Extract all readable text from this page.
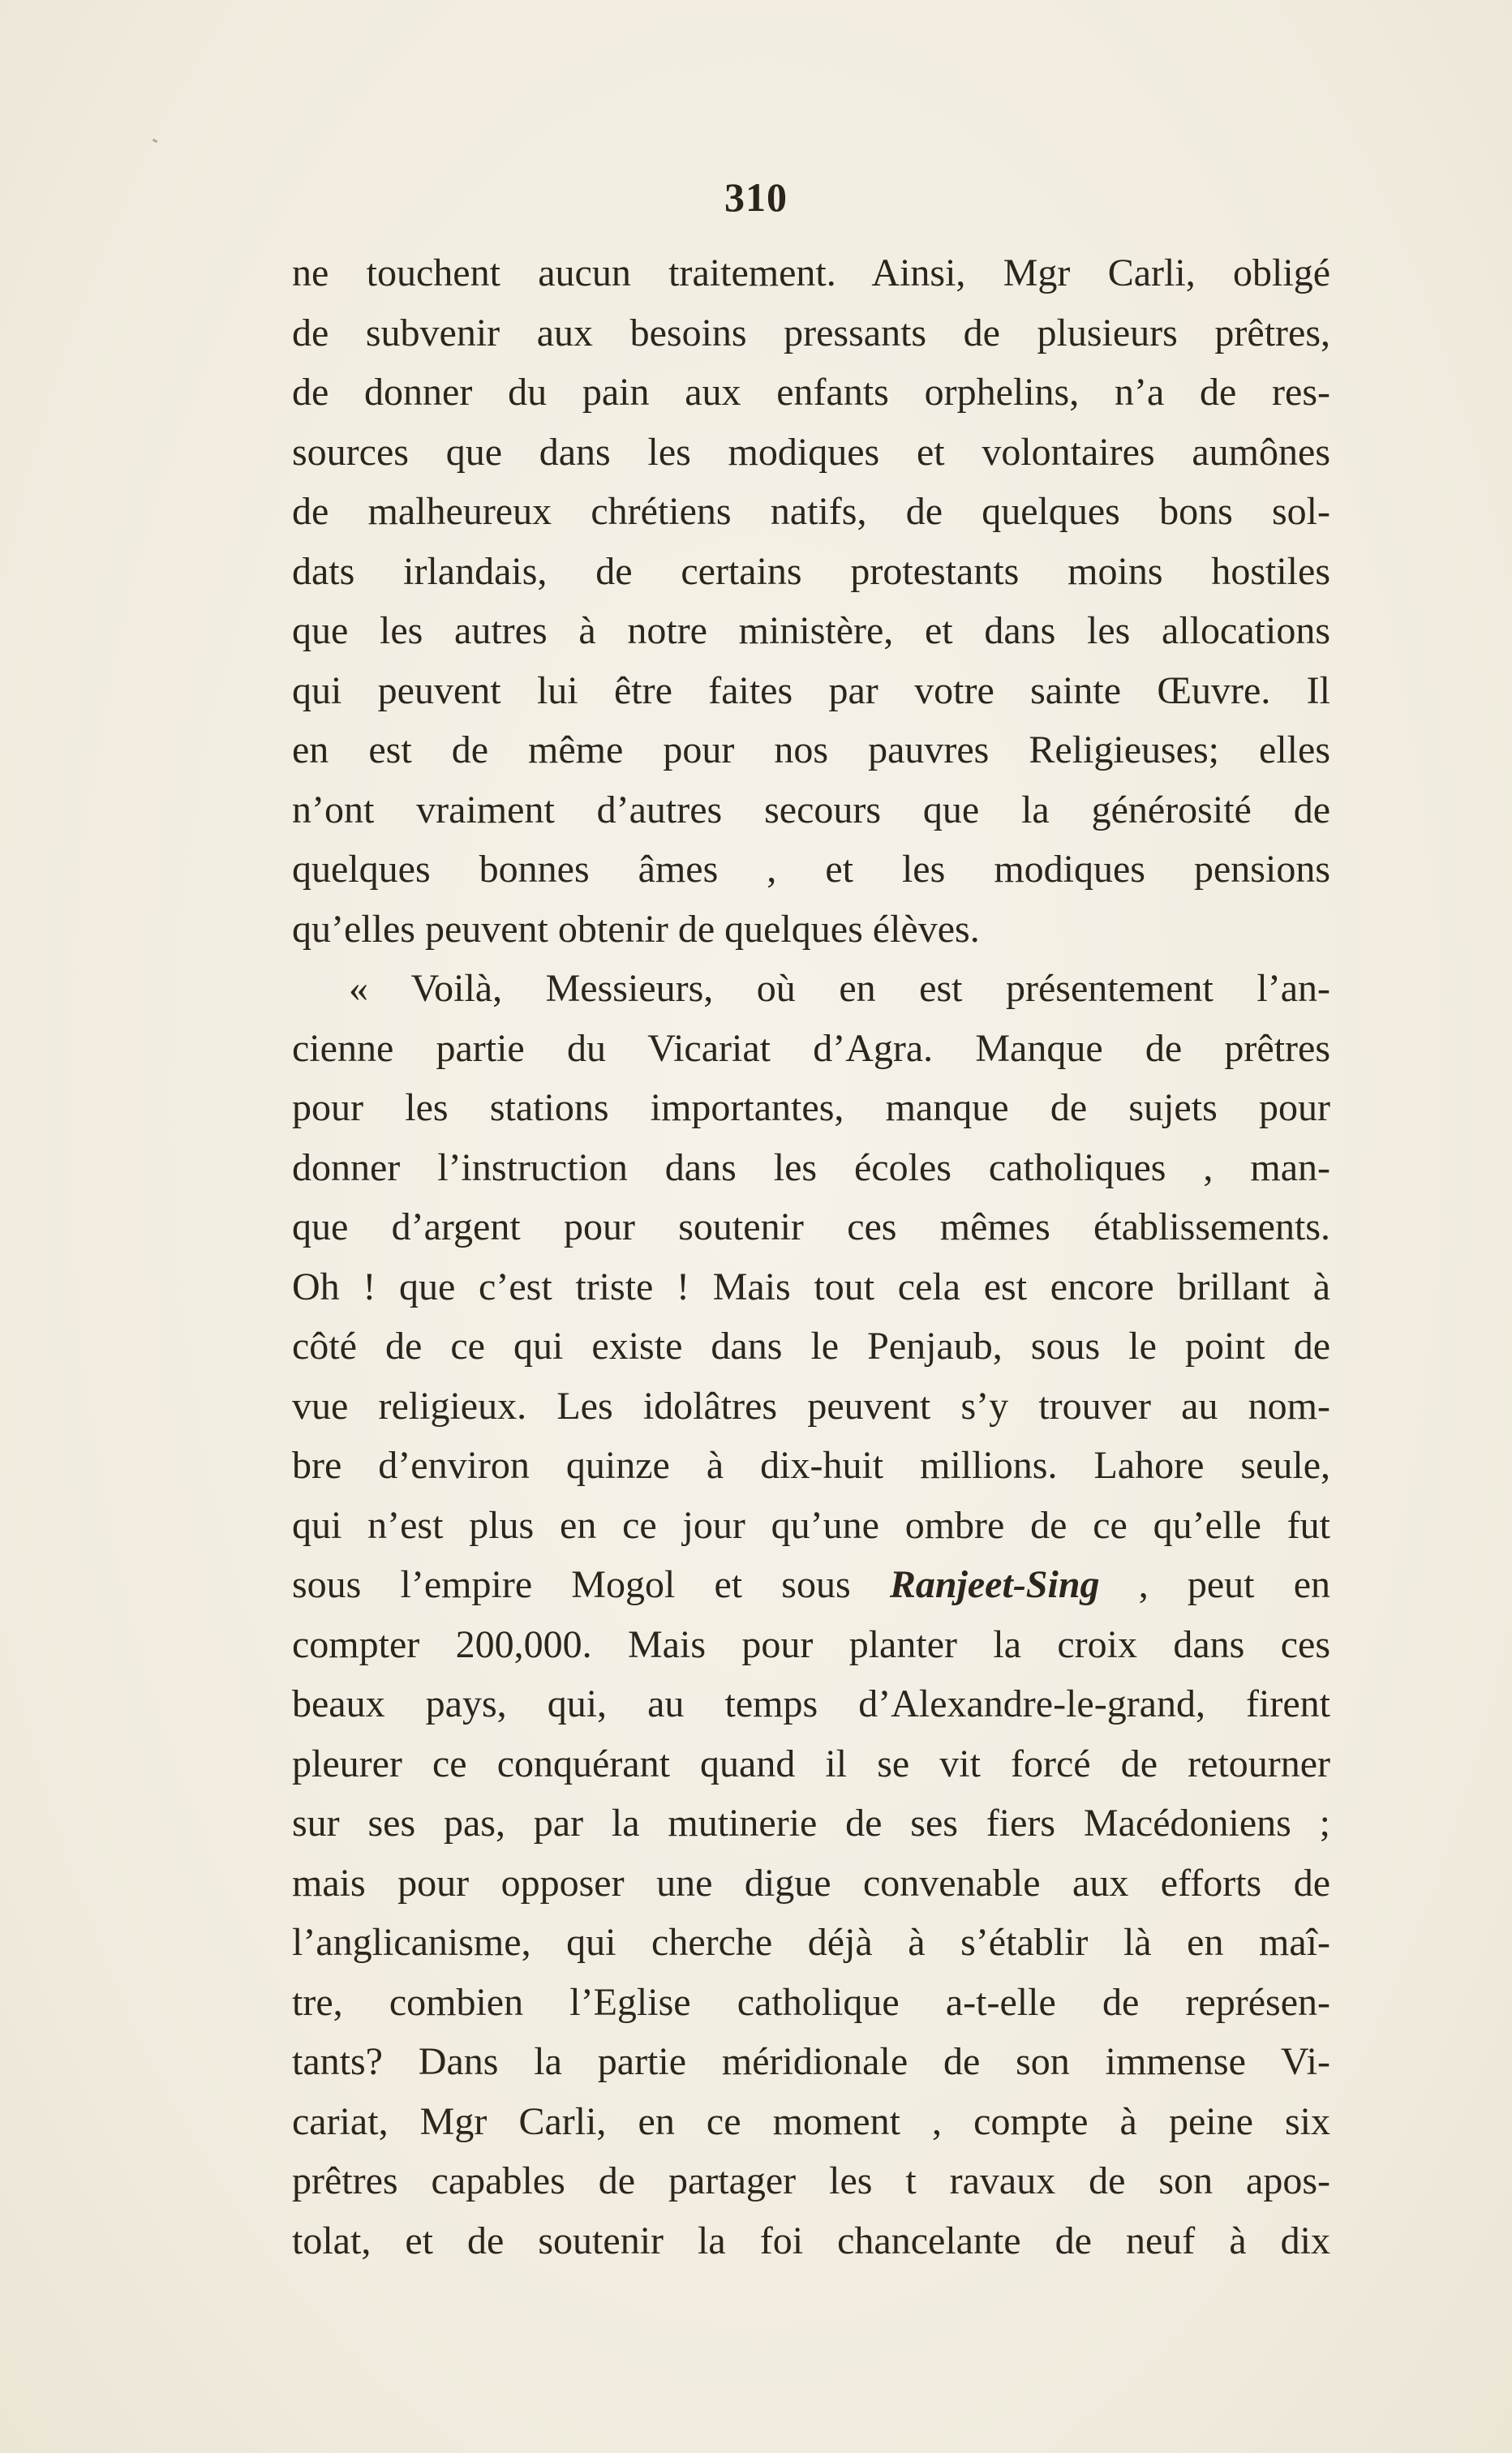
310
ne touchent aucun traitement. Ainsi, Mgr Carli, obligé
de subvenir aux besoins pressants de plusieurs prêtres,
de donner du pain aux enfants orphelins, n’a de res-
sources que dans les modiques et volontaires aumônes
de malheureux chrétiens natifs, de quelques bons sol-
dats irlandais, de certains protestants moins hostiles
que les autres à notre ministère, et dans les allocations
qui peuvent lui être faites par votre sainte Œuvre. Il
en est de même pour nos pauvres Religieuses; elles
n’ont vraiment d’autres secours que la générosité de
quelques bonnes âmes , et les modiques pensions
qu’elles peuvent obtenir de quelques élèves.
« Voilà, Messieurs, où en est présentement l’an-
cienne partie du Vicariat d’Agra. Manque de prêtres
pour les stations importantes, manque de sujets pour
donner l’instruction dans les écoles catholiques , man-
que d’argent pour soutenir ces mêmes établissements.
Oh ! que c’est triste ! Mais tout cela est encore brillant à
côté de ce qui existe dans le Penjaub, sous le point de
vue religieux. Les idolâtres peuvent s’y trouver au nom-
bre d’environ quinze à dix-huit millions. Lahore seule,
qui n’est plus en ce jour qu’une ombre de ce qu’elle fut
sous l’empire Mogol et sous Ranjeet-Sing , peut en
compter 200,000. Mais pour planter la croix dans ces
beaux pays, qui, au temps d’Alexandre-le-grand, firent
pleurer ce conquérant quand il se vit forcé de retourner
sur ses pas, par la mutinerie de ses fiers Macédoniens ;
mais pour opposer une digue convenable aux efforts de
l’anglicanisme, qui cherche déjà à s’établir là en maî-
tre, combien l’Eglise catholique a-t-elle de représen-
tants? Dans la partie méridionale de son immense Vi-
cariat, Mgr Carli, en ce moment , compte à peine six
prêtres capables de partager les t ravaux de son apos-
tolat, et de soutenir la foi chancelante de neuf à dix
